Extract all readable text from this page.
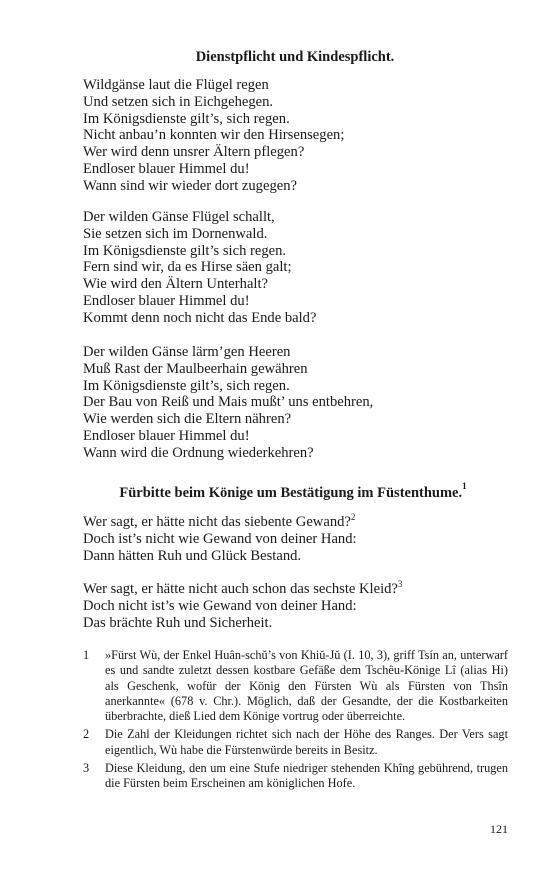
Dienstpflicht und Kindespflicht.
Wildgänse laut die Flügel regen
Und setzen sich in Eichgehegen.
Im Königsdienste gilt’s, sich regen.
Nicht anbau’n konnten wir den Hirsensegen;
Wer wird denn unsrer Ältern pflegen?
Endloser blauer Himmel du!
Wann sind wir wieder dort zugegen?
Der wilden Gänse Flügel schallt,
Sie setzen sich im Dornenwald.
Im Königsdienste gilt’s sich regen.
Fern sind wir, da es Hirse säen galt;
Wie wird den Ältern Unterhalt?
Endloser blauer Himmel du!
Kommt denn noch nicht das Ende bald?
Der wilden Gänse lärm’gen Heeren
Muß Rast der Maulbeerhain gewähren
Im Königsdienste gilt’s, sich regen.
Der Bau von Reiß und Mais mußt’ uns entbehren,
Wie werden sich die Eltern nähren?
Endloser blauer Himmel du!
Wann wird die Ordnung wiederkehren?
Fürbitte beim Könige um Bestätigung im Füstenthume.$^1$
Wer sagt, er hätte nicht das siebente Gewand?$^2$
Doch ist’s nicht wie Gewand von deiner Hand:
Dann hätten Ruh und Glück Bestand.
Wer sagt, er hätte nicht auch schon das sechste Kleid?$^3$
Doch nicht ist’s wie Gewand von deiner Hand:
Das brächte Ruh und Sicherheit.
1 »Fürst Wù, der Enkel Huân-schŭ’s von Khiŭ-Jŭ (I. 10, 3), griff Tsín an, unterwarf es und sandte zuletzt dessen kostbare Gefäße dem Tschêu-Könige Lî (alias Hi) als Geschenk, wofür der König den Fürsten Wù als Fürsten von Thsîn anerkannte« (678 v. Chr.). Möglich, daß der Gesandte, der die Kostbarkeiten überbrachte, dieß Lied dem Könige vortrug oder überreichte.
2 Die Zahl der Kleidungen richtet sich nach der Höhe des Ranges. Der Vers sagt eigentlich, Wù habe die Fürstenwürde bereits in Besitz.
3 Diese Kleidung, den um eine Stufe niedriger stehenden Khîng gebührend, trugen die Fürsten beim Erscheinen am königlichen Hofe.

121
